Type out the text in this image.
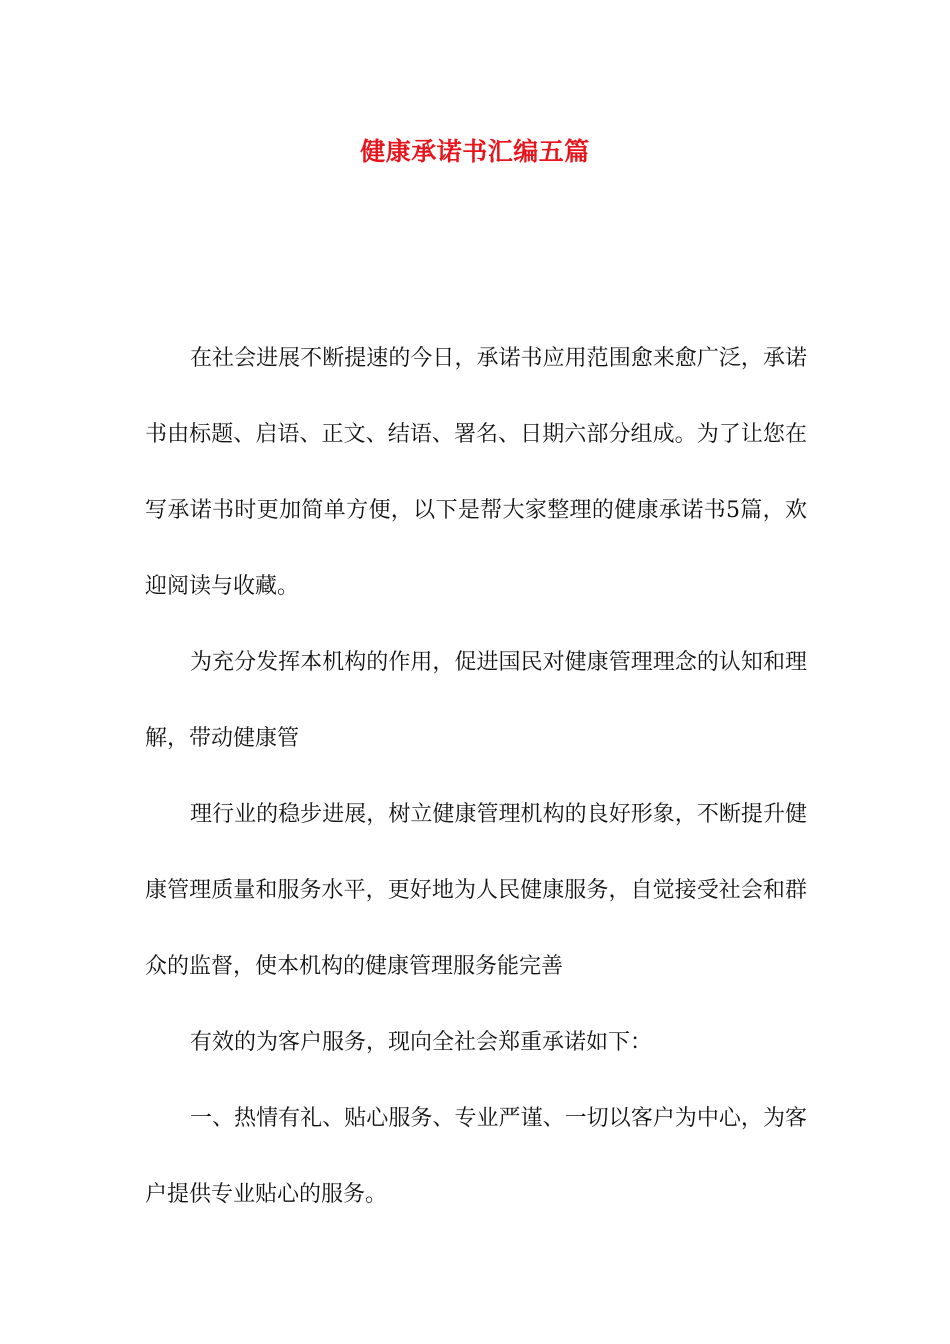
健康承诺书汇编五篇

在社会进展不断提速的今日，承诺书应用范围愈来愈广泛，承诺书由标题、启语、正文、结语、署名、日期六部分组成。为了让您在写承诺书时更加简单方便，以下是帮大家整理的健康承诺书5篇，欢迎阅读与收藏。

为充分发挥本机构的作用，促进国民对健康管理理念的认知和理解，带动健康管

理行业的稳步进展，树立健康管理机构的良好形象，不断提升健康管理质量和服务水平，更好地为人民健康服务，自觉接受社会和群众的监督，使本机构的健康管理服务能完善

有效的为客户服务，现向全社会郑重承诺如下：

一、热情有礼、贴心服务、专业严谨、一切以客户为中心，为客户提供专业贴心的服务。
